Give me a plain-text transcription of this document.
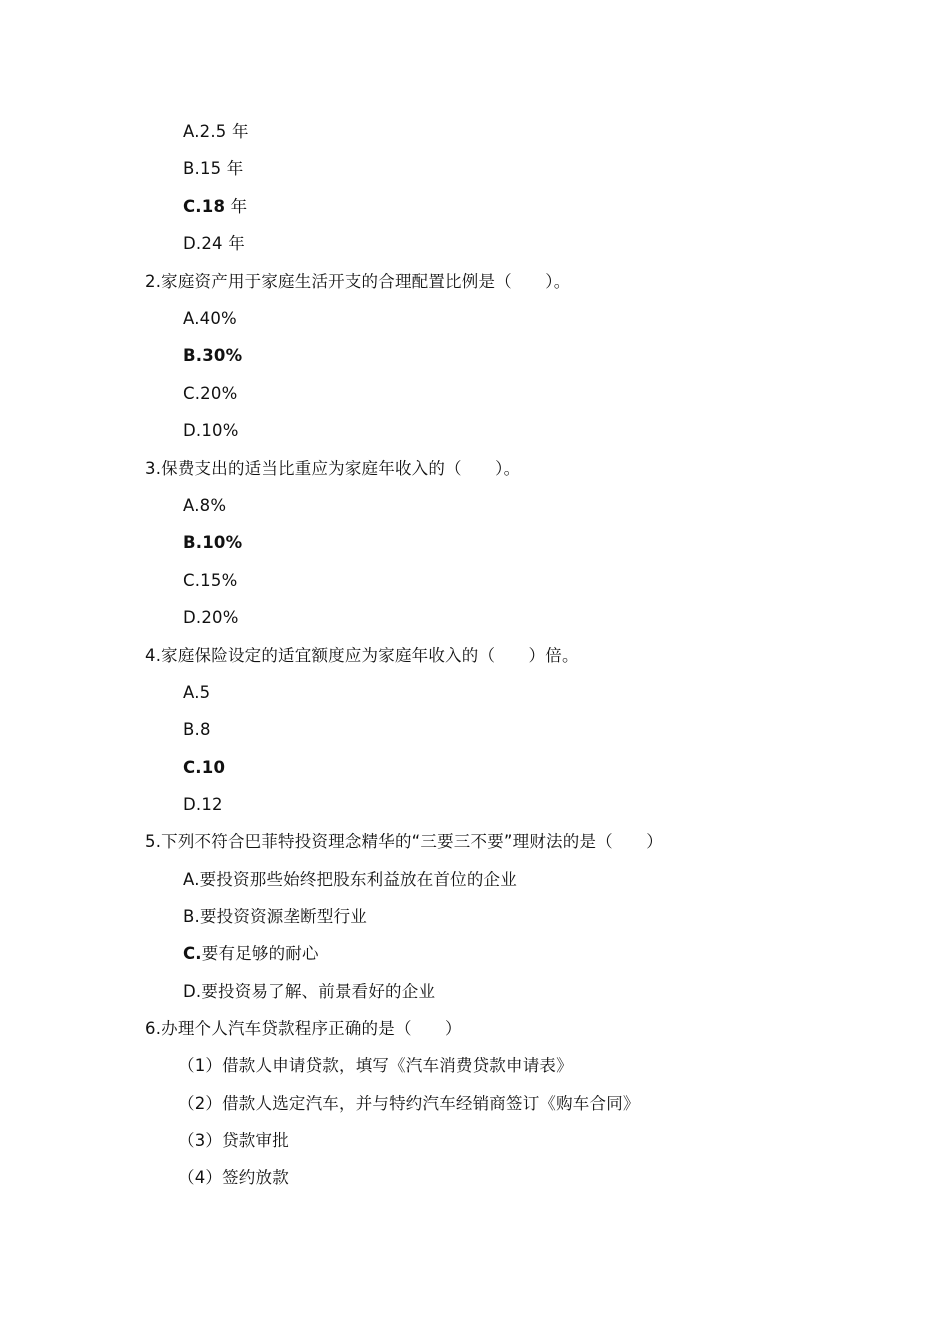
A.2.5 年
B.15 年
C.18 年
D.24 年
2.家庭资产用于家庭生活开支的合理配置比例是（　　）。
A.40%
B.30%
C.20%
D.10%
3.保费支出的适当比重应为家庭年收入的（　　）。
A.8%
B.10%
C.15%
D.20%
4.家庭保险设定的适宜额度应为家庭年收入的（　　）倍。
A.5
B.8
C.10
D.12
5.下列不符合巴菲特投资理念精华的“三要三不要”理财法的是（　　）
A.要投资那些始终把股东利益放在首位的企业
B.要投资资源垄断型行业
C.要有足够的耐心
D.要投资易了解、前景看好的企业
6.办理个人汽车贷款程序正确的是（　　）
（1）借款人申请贷款，填写《汽车消费贷款申请表》
（2）借款人选定汽车，并与特约汽车经销商签订《购车合同》
（3）贷款审批
（4）签约放款
